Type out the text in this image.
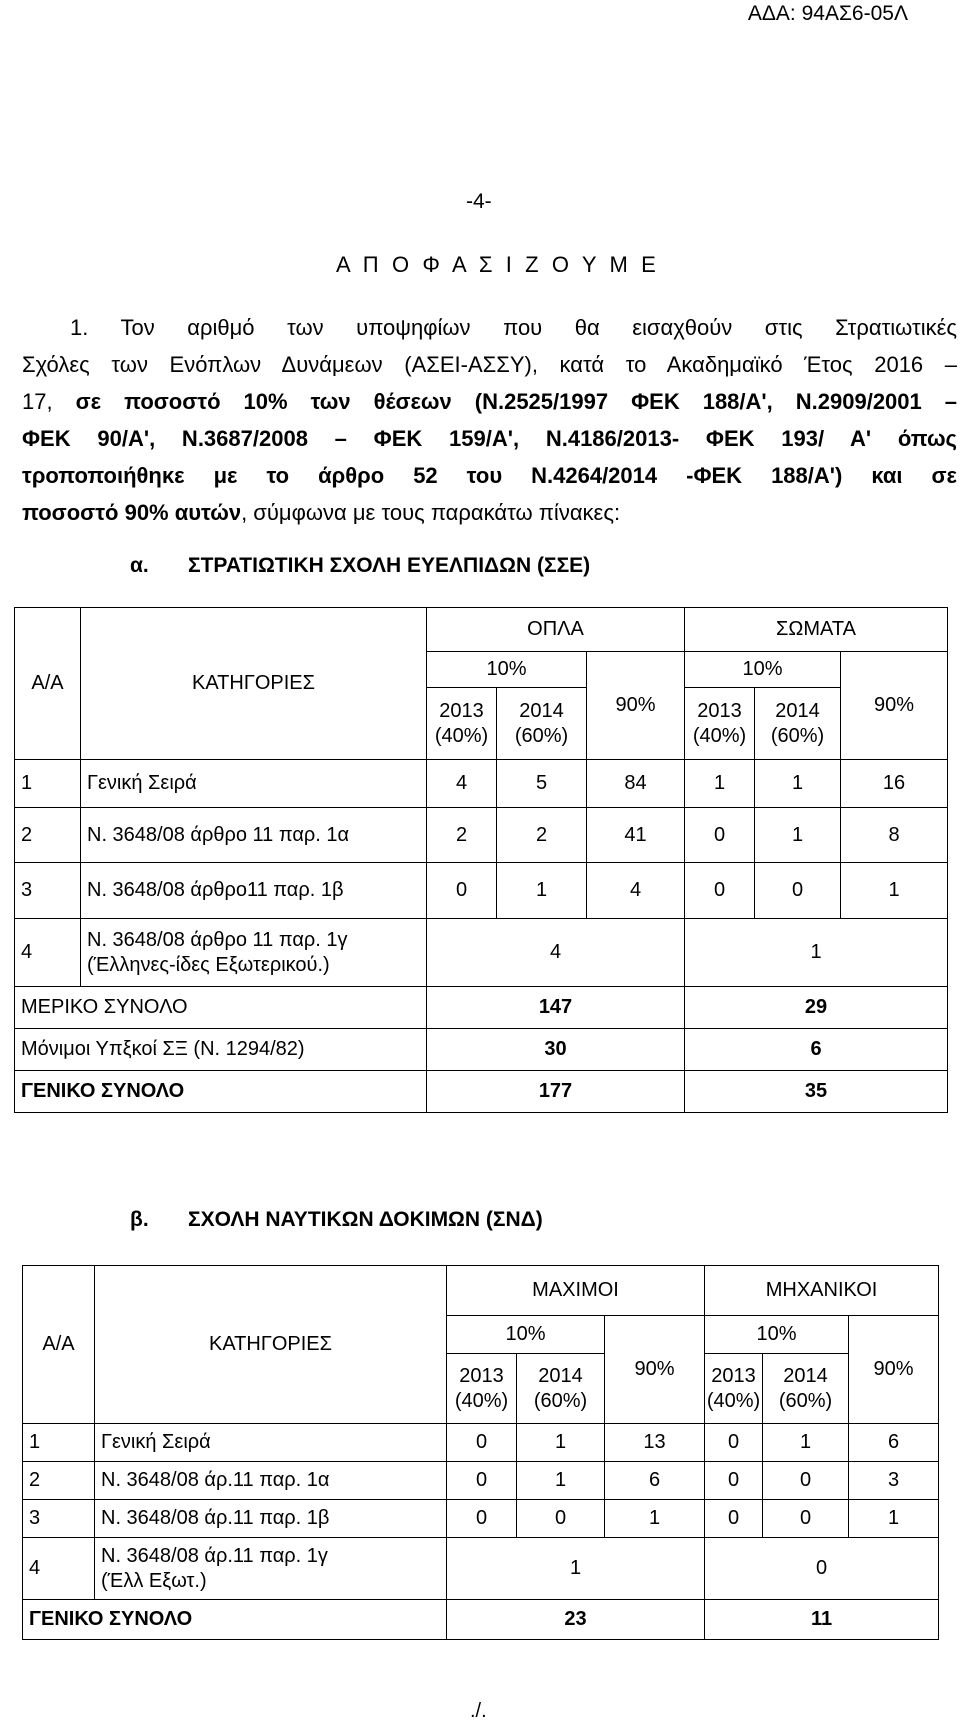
ΑΔΑ: 94ΑΣ6-05Λ
-4-
Α Π Ο Φ Α Σ Ι Ζ Ο Υ Μ Ε
1. Τον αριθμό των υποψηφίων που θα εισαχθούν στις Στρατιωτικές
Σχόλες των Ενόπλων Δυνάμεων (ΑΣΕΙ-ΑΣΣΥ), κατά το Ακαδημαϊκό Έτος 2016 –
17, σε ποσοστό 10% των θέσεων (Ν.2525/1997 ΦΕΚ 188/Α', Ν.2909/2001 –
ΦΕΚ 90/Α', Ν.3687/2008 – ΦΕΚ 159/Α', Ν.4186/2013- ΦΕΚ 193/ Α' όπως
τροποποιήθηκε με το άρθρο 52 του Ν.4264/2014 -ΦΕΚ 188/Α') και σε
ποσοστό 90% αυτών, σύμφωνα με τους παρακάτω πίνακες:
α. ΣΤΡΑΤΙΩΤΙΚΗ ΣΧΟΛΗ ΕΥΕΛΠΙΔΩΝ (ΣΣΕ)
Α/Α	ΚΑΤΗΓΟΡΙΕΣ	ΟΠΛΑ			ΣΩΜΑΤΑ		
		10%		90%	10%		90%
		2013
(40%)	2014
(60%)		2013
(40%)	2014
(60%)	
1	Γενική Σειρά	4	5	84	1	1	16
2	Ν. 3648/08 άρθρο 11 παρ. 1α	2	2	41	0	1	8
3	Ν. 3648/08 άρθρο11 παρ. 1β	0	1	4	0	0	1
4	Ν. 3648/08 άρθρο 11 παρ. 1γ
(Έλληνες-ίδες Εξωτερικού.)	4			1		
ΜΕΡΙΚΟ ΣΥΝΟΛΟ		147			29		
Μόνιμοι Υπξκοί ΣΞ (Ν. 1294/82)		30			6		
ΓΕΝΙΚΟ ΣΥΝΟΛΟ		177			35		
β. ΣΧΟΛΗ ΝΑΥΤΙΚΩΝ ΔΟΚΙΜΩΝ (ΣΝΔ)
Α/Α	ΚΑΤΗΓΟΡΙΕΣ	ΜΑΧΙΜΟΙ			ΜΗΧΑΝΙΚΟΙ		
		10%		90%	10%		90%
		2013
(40%)	2014
(60%)		2013
(40%)	2014
(60%)	
1	Γενική Σειρά	0	1	13	0	1	6
2	Ν. 3648/08 άρ.11 παρ. 1α	0	1	6	0	0	3
3	Ν. 3648/08 άρ.11 παρ. 1β	0	0	1	0	0	1
4	Ν. 3648/08 άρ.11 παρ. 1γ
(Έλλ Εξωτ.)	1			0		
ΓΕΝΙΚΟ ΣΥΝΟΛΟ		23			11		
./.
